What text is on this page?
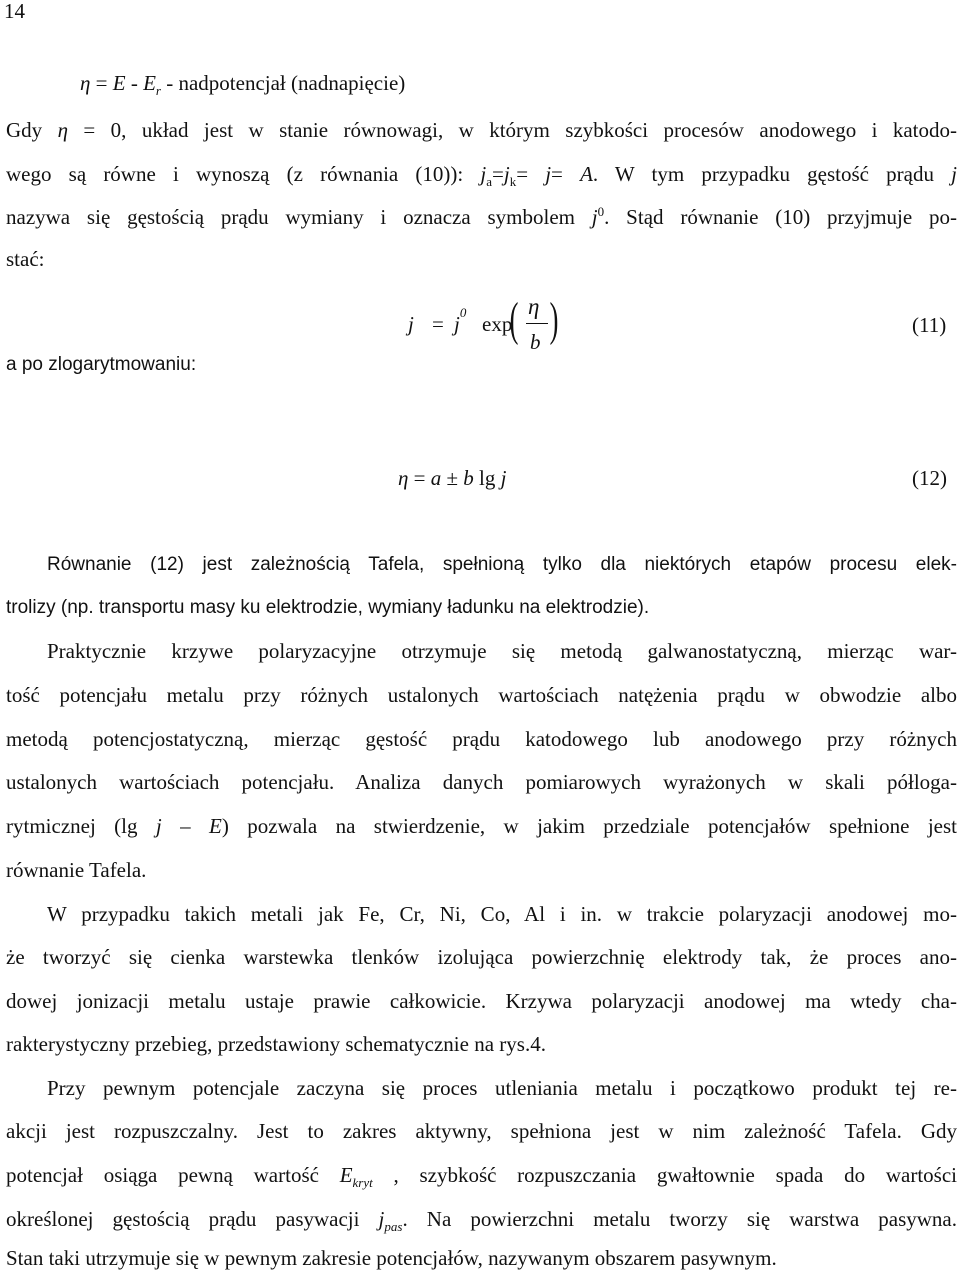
14
$\eta = E - E_r$ - nadpotencjał (nadnapięcie)
Gdy η = 0, układ jest w stanie równowagi, w którym szybkości procesów anodowego i katodo-
wego są równe i wynoszą (z równania (10)): $j_a=j_k= j= A$. W tym przypadku gęstość prądu j
nazywa się gęstością prądu wymiany i oznacza symbolem $j^0$. Stąd równanie (10) przyjmuje po-
stać:
$j = j^0$ exp
( η
b )	(11)
a po zlogarytmowaniu:
η = a ± b lg j	(12)
Równanie (12) jest zależnością Tafela, spełnioną tylko dla niektórych etapów procesu elek-
trolizy (np. transportu masy ku elektrodzie, wymiany ładunku na elektrodzie).
Praktycznie krzywe polaryzacyjne otrzymuje się metodą galwanostatyczną, mierząc war-
tość potencjału metalu przy różnych ustalonych wartościach natężenia prądu w obwodzie albo
metodą potencjostatyczną, mierząc gęstość prądu katodowego lub anodowego przy różnych
ustalonych wartościach potencjału. Analiza danych pomiarowych wyrażonych w skali półloga-
rytmicznej (lg j – E) pozwala na stwierdzenie, w jakim przedziale potencjałów spełnione jest
równanie Tafela.
W przypadku takich metali jak Fe, Cr, Ni, Co, Al i in. w trakcie polaryzacji anodowej mo-
że tworzyć się cienka warstewka tlenków izolująca powierzchnię elektrody tak, że proces ano-
dowej jonizacji metalu ustaje prawie całkowicie. Krzywa polaryzacji anodowej ma wtedy cha-
rakterystyczny przebieg, przedstawiony schematycznie na rys.4.
Przy pewnym potencjale zaczyna się proces utleniania metalu i początkowo produkt tej re-
akcji jest rozpuszczalny. Jest to zakres aktywny, spełniona jest w nim zależność Tafela. Gdy
potencjał osiąga pewną wartość $E_{kryt}$ , szybkość rozpuszczania gwałtownie spada do wartości
określonej gęstością prądu pasywacji $j_{pas}$. Na powierzchni metalu tworzy się warstwa pasywna.
Stan taki utrzymuje się w pewnym zakresie potencjałów, nazywanym obszarem pasywnym.
